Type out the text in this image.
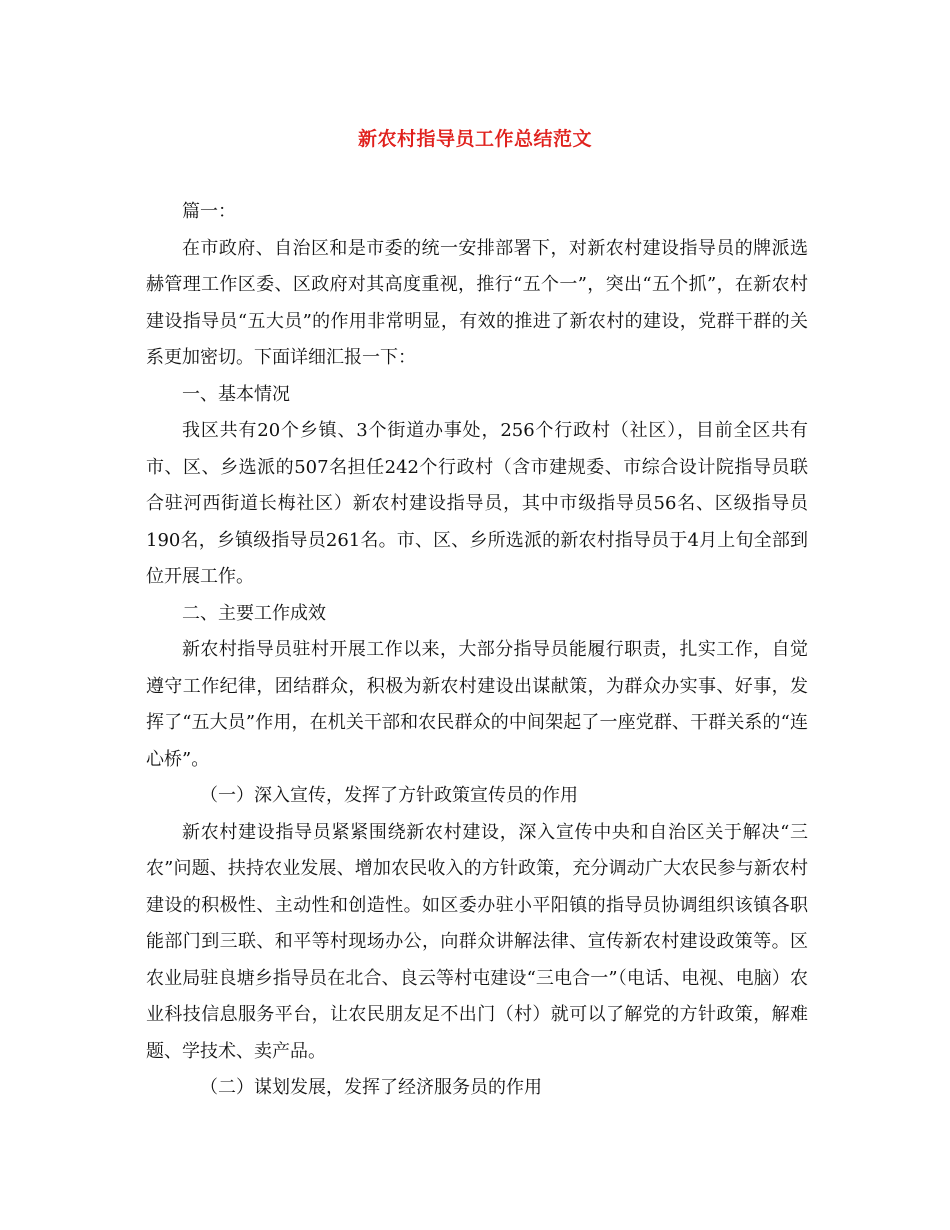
新农村指导员工作总结范文

篇一：

在市政府、自治区和是市委的统一安排部署下，对新农村建设指导员的牌派选赫管理工作区委、区政府对其高度重视，推行“五个一”，突出“五个抓”，在新农村建设指导员“五大员”的作用非常明显，有效的推进了新农村的建设，党群干群的关系更加密切。下面详细汇报一下：

一、基本情况

我区共有20个乡镇、3个街道办事处，256个行政村（社区），目前全区共有市、区、乡选派的507名担任242个行政村（含市建规委、市综合设计院指导员联合驻河西街道长梅社区）新农村建设指导员，其中市级指导员56名、区级指导员190名，乡镇级指导员261名。市、区、乡所选派的新农村指导员于4月上旬全部到位开展工作。

二、主要工作成效

新农村指导员驻村开展工作以来，大部分指导员能履行职责，扎实工作，自觉遵守工作纪律，团结群众，积极为新农村建设出谋献策，为群众办实事、好事，发挥了“五大员”作用，在机关干部和农民群众的中间架起了一座党群、干群关系的“连心桥”。

（一）深入宣传，发挥了方针政策宣传员的作用

新农村建设指导员紧紧围绕新农村建设，深入宣传中央和自治区关于解决“三农”问题、扶持农业发展、增加农民收入的方针政策，充分调动广大农民参与新农村建设的积极性、主动性和创造性。如区委办驻小平阳镇的指导员协调组织该镇各职能部门到三联、和平等村现场办公，向群众讲解法律、宣传新农村建设政策等。区农业局驻良塘乡指导员在北合、良云等村屯建设“三电合一”（电话、电视、电脑）农业科技信息服务平台，让农民朋友足不出门（村）就可以了解党的方针政策，解难题、学技术、卖产品。

（二）谋划发展，发挥了经济服务员的作用
